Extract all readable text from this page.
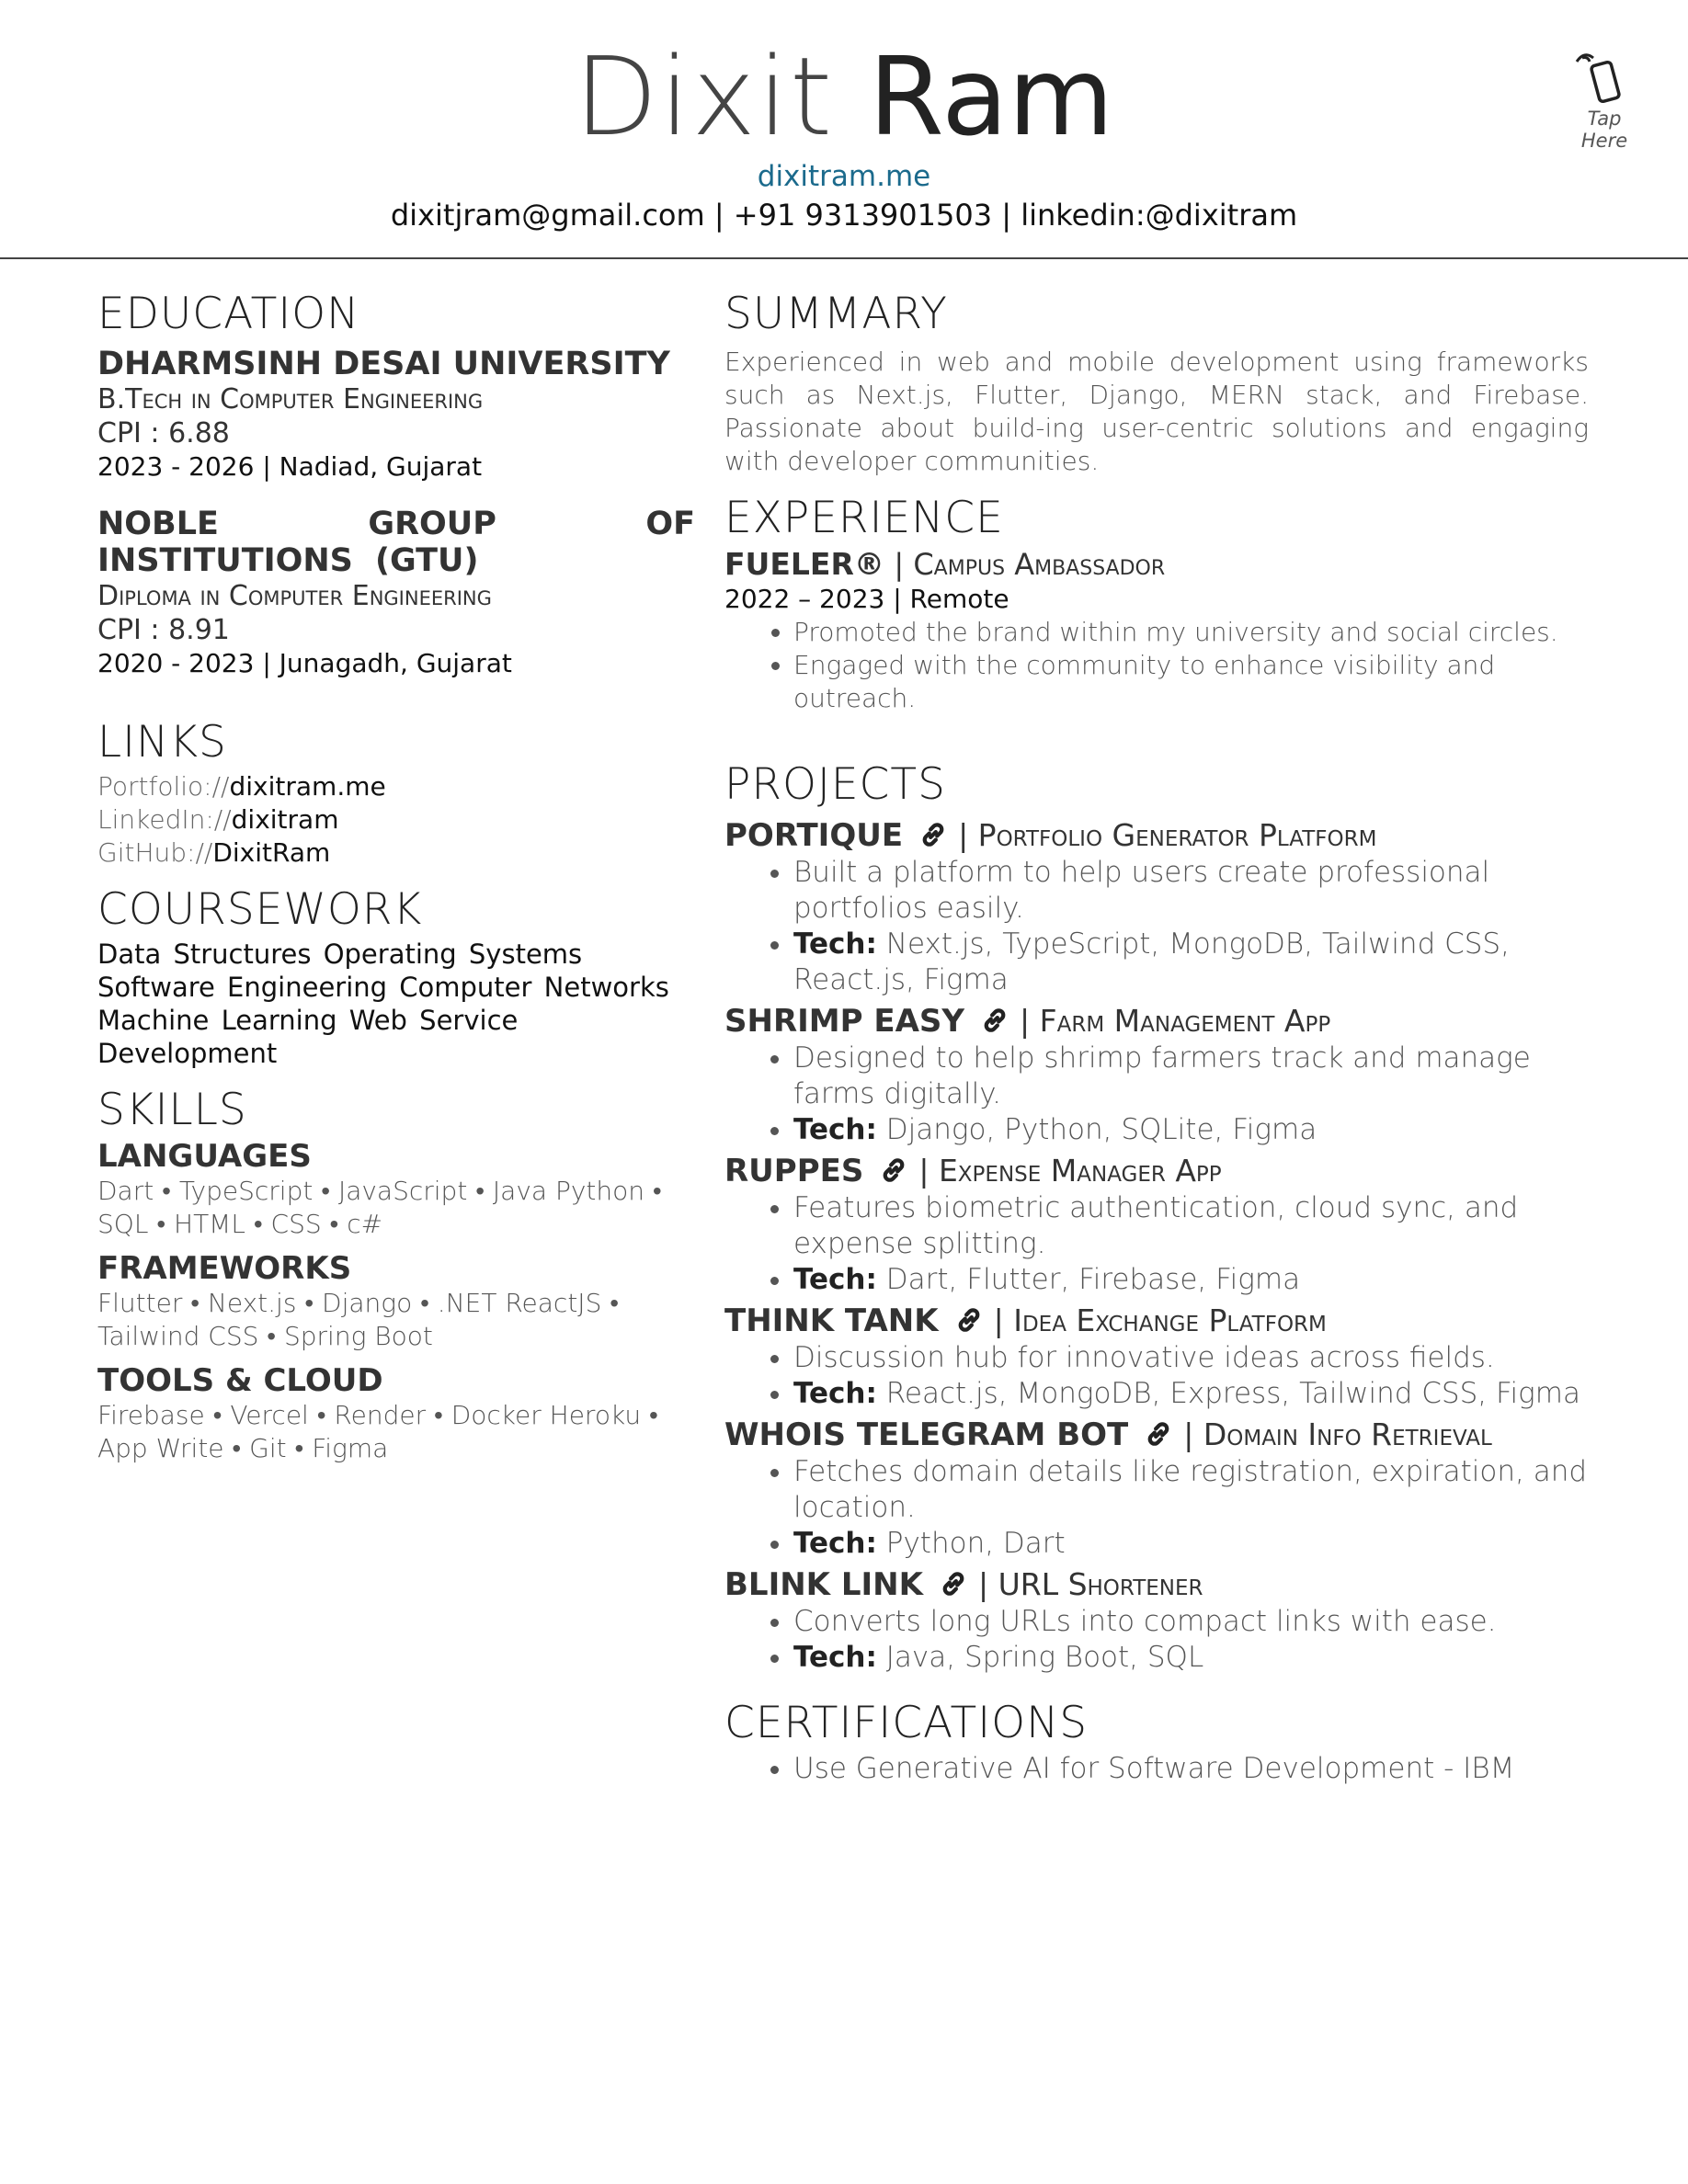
Dixit Ram
dixitram.me
dixitjram@gmail.com | +91 9313901503 | linkedin:@dixitram
Tap Here
EDUCATION
DHARMSINH DESAI UNIVERSITY
B.Tech in Computer Engineering
CPI : 6.88
2023 - 2026 | Nadiad, Gujarat
NOBLE GROUP OF INSTITUTIONS (GTU)
Diploma in Computer Engineering
CPI : 8.91
2020 - 2023 | Junagadh, Gujarat
LINKS
Portfolio://dixitram.me
LinkedIn://dixitram
GitHub://DixitRam
COURSEWORK
Data Structures Operating Systems Software Engineering Computer Networks Machine Learning Web Service Development
SKILLS
LANGUAGES
Dart • TypeScript • JavaScript • Java Python • SQL • HTML • CSS • c#
FRAMEWORKS
Flutter • Next.js • Django • .NET ReactJS • Tailwind CSS • Spring Boot
TOOLS & CLOUD
Firebase • Vercel • Render • Docker Heroku • App Write • Git • Figma
SUMMARY
Experienced in web and mobile development using frameworks such as Next.js, Flutter, Django, MERN stack, and Firebase. Passionate about build-ing user-centric solutions and engaging with developer communities.
EXPERIENCE
FUELER® | Campus Ambassador
2022 – 2023 | Remote
• Promoted the brand within my university and social circles.
• Engaged with the community to enhance visibility and outreach.
PROJECTS
PORTIQUE | Portfolio Generator Platform
• Built a platform to help users create professional portfolios easily.
• Tech: Next.js, TypeScript, MongoDB, Tailwind CSS, React.js, Figma
SHRIMP EASY | Farm Management App
• Designed to help shrimp farmers track and manage farms digitally.
• Tech: Django, Python, SQLite, Figma
RUPPES | Expense Manager App
• Features biometric authentication, cloud sync, and expense splitting.
• Tech: Dart, Flutter, Firebase, Figma
THINK TANK | Idea Exchange Platform
• Discussion hub for innovative ideas across fields.
• Tech: React.js, MongoDB, Express, Tailwind CSS, Figma
WHOIS TELEGRAM BOT | Domain Info Retrieval
• Fetches domain details like registration, expiration, and location.
• Tech: Python, Dart
BLINK LINK | URL Shortener
• Converts long URLs into compact links with ease.
• Tech: Java, Spring Boot, SQL
CERTIFICATIONS
• Use Generative AI for Software Development - IBM
